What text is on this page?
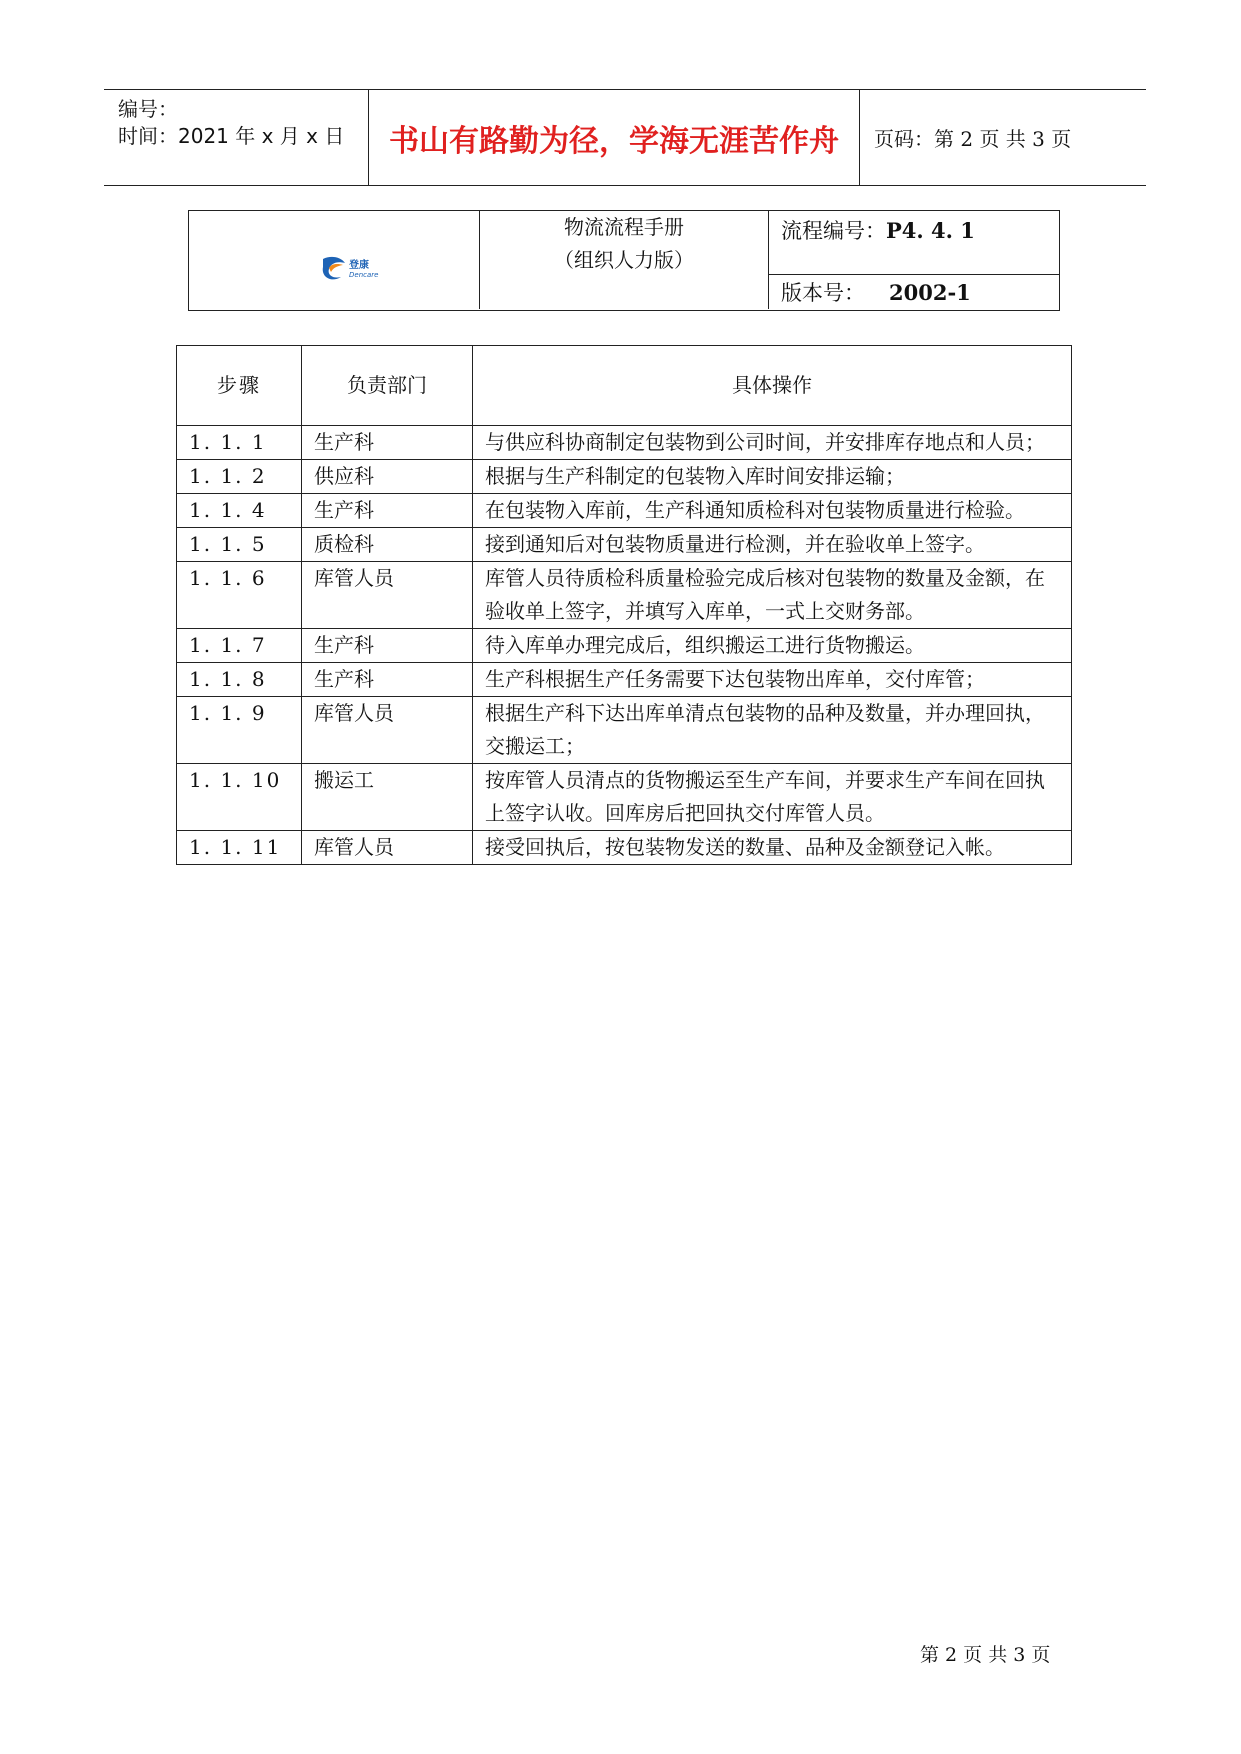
编号：
时间：2021 年 x 月 x 日	书山有路勤为径，学海无涯苦作舟	页码：第 2 页 共 3 页
登康
Dencare
物流流程手册
（组织人力版）
流程编号：P4. 4. 1
版本号： 2002-1
步骤	负责部门	具体操作
1. 1. 1	生产科	与供应科协商制定包装物到公司时间，并安排库存地点和人员；
1. 1. 2	供应科	根据与生产科制定的包装物入库时间安排运输；
1. 1. 4	生产科	在包装物入库前，生产科通知质检科对包装物质量进行检验。
1. 1. 5	质检科	接到通知后对包装物质量进行检测，并在验收单上签字。
1. 1. 6	库管人员	库管人员待质检科质量检验完成后核对包装物的数量及金额，在验收单上签字，并填写入库单，一式上交财务部。
1. 1. 7	生产科	待入库单办理完成后，组织搬运工进行货物搬运。
1. 1. 8	生产科	生产科根据生产任务需要下达包装物出库单，交付库管；
1. 1. 9	库管人员	根据生产科下达出库单清点包装物的品种及数量，并办理回执，交搬运工；
1. 1. 10	搬运工	按库管人员清点的货物搬运至生产车间，并要求生产车间在回执上签字认收。回库房后把回执交付库管人员。
1. 1. 11	库管人员	接受回执后，按包装物发送的数量、品种及金额登记入帐。
第 2 页 共 3 页
